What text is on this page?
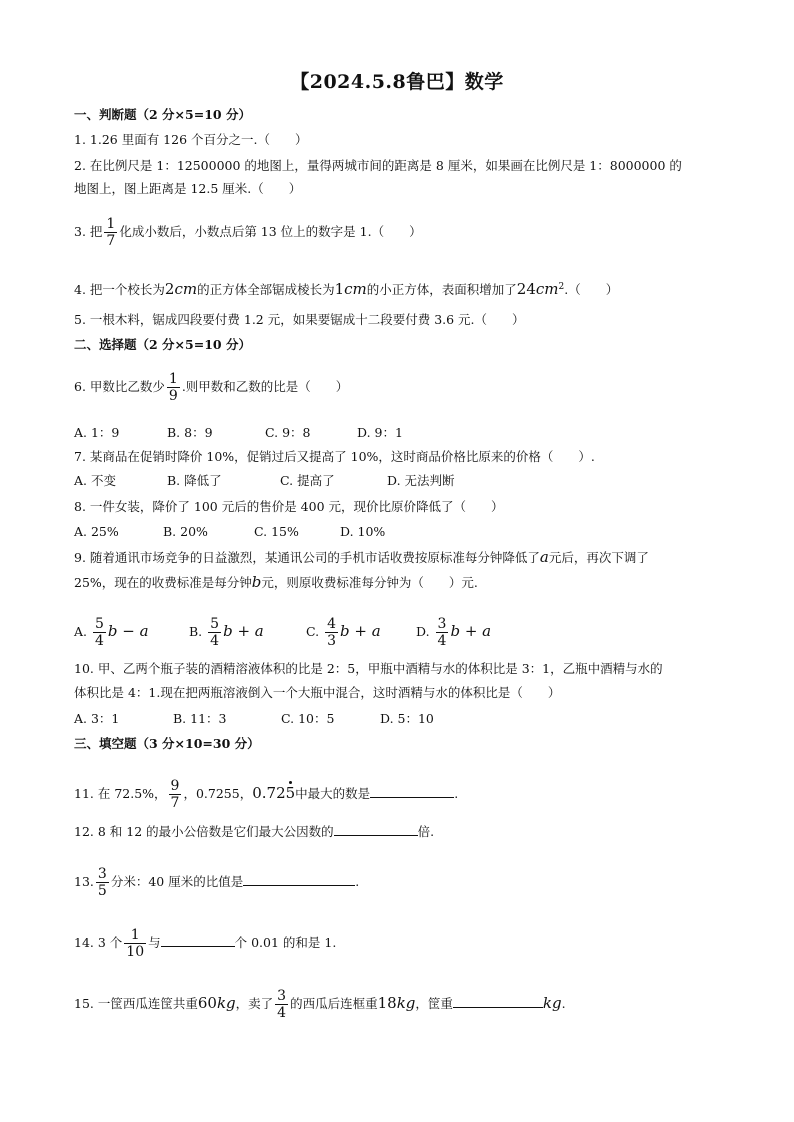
【2024.5.8鲁巴】数学
一、判断题（2 分×5=10 分）
1. 1.26 里面有 126 个百分之一.（　　）
2. 在比例尺是 1：12500000 的地图上，量得两城市间的距离是 8 厘米，如果画在比例尺是 1：8000000 的
地图上，图上距离是 12.5 厘米.（　　）
3. 把 $\frac{1}{7}$ 化成小数后，小数点后第 13 位上的数字是 1.（　　）
4. 把一个校长为2cm的正方体全部锯成棱长为1cm的小正方体，表面积增加了$24cm^2$.（　　）
5. 一根木料，锯成四段要付费 1.2 元，如果要锯成十二段要付费 3.6 元.（　　）
二、选择题（2 分×5=10 分）
6. 甲数比乙数少 $\frac{1}{9}$ .则甲数和乙数的比是（　　）
A. 1：9	B. 8：9	C. 9：8	D. 9：1
7. 某商品在促销时降价 10%，促销过后又提高了 10%，这时商品价格比原来的价格（　　）.
A. 不变	B. 降低了	C. 提高了	D. 无法判断
8. 一件女装，降价了 100 元后的售价是 400 元，现价比原价降低了（　　）
A. 25%	B. 20%	C. 15%	D. 10%
9. 随着通讯市场竞争的日益激烈，某通讯公司的手机市话收费按原标准每分钟降低了a元后，再次下调了
25%，现在的收费标准是每分钟b元，则原收费标准每分钟为（　　）元.
A. $\frac{5}{4}$ b − a	B. $\frac{5}{4}$ b + a	C. $\frac{4}{3}$ b + a	D. $\frac{3}{4}$ b + a
10. 甲、乙两个瓶子装的酒精溶液体积的比是 2：5，甲瓶中酒精与水的体积比是 3：1，乙瓶中酒精与水的
体积比是 4：1.现在把两瓶溶液倒入一个大瓶中混合，这时酒精与水的体积比是（　　）
A. 3：1	B. 11：3	C. 10：5	D. 5：10
三、填空题（3 分×10=30 分）
11. 在 72.5%， $\frac{9}{7}$ ，0.7255，0.725中最大的数是	.
12. 8 和 12 的最小公倍数是它们最大公因数的	倍.
13. $\frac{3}{5}$ 分米：40 厘米的比值是	.
14. 3 个 $\frac{1}{10}$ 与	个 0.01 的和是 1.
15. 一筐西瓜连筐共重60kg，卖了 $\frac{3}{4}$ 的西瓜后连框重18kg，筐重	kg.
